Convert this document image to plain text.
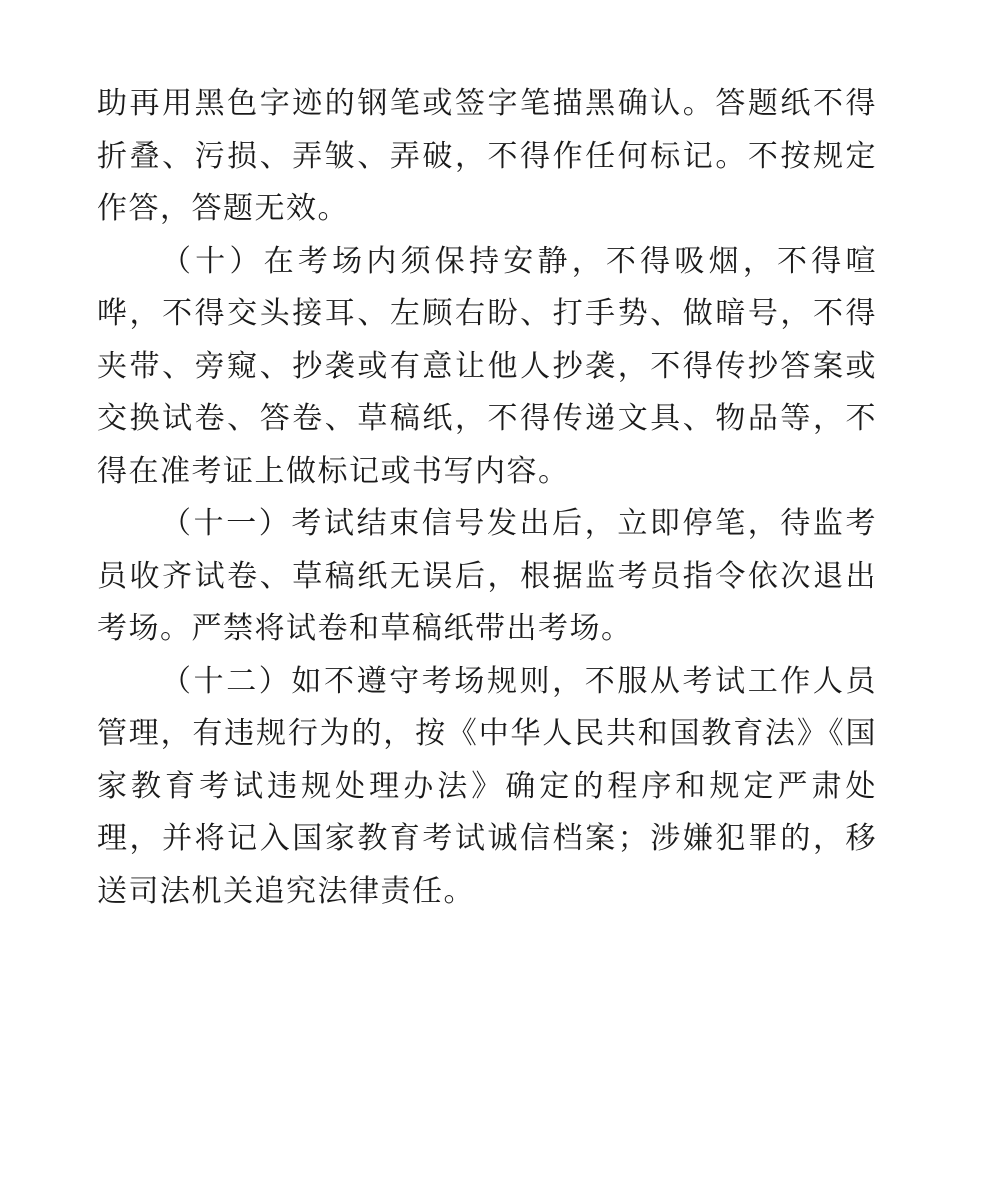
助再用黑色字迹的钢笔或签字笔描黑确认。答题纸不得折叠、污损、弄皱、弄破，不得作任何标记。不按规定作答，答题无效。

（十）在考场内须保持安静，不得吸烟，不得喧哗，不得交头接耳、左顾右盼、打手势、做暗号，不得夹带、旁窥、抄袭或有意让他人抄袭，不得传抄答案或交换试卷、答卷、草稿纸，不得传递文具、物品等，不得在准考证上做标记或书写内容。

（十一）考试结束信号发出后，立即停笔，待监考员收齐试卷、草稿纸无误后，根据监考员指令依次退出考场。严禁将试卷和草稿纸带出考场。

（十二）如不遵守考场规则，不服从考试工作人员管理，有违规行为的，按《中华人民共和国教育法》《国家教育考试违规处理办法》确定的程序和规定严肃处理，并将记入国家教育考试诚信档案；涉嫌犯罪的，移送司法机关追究法律责任。
